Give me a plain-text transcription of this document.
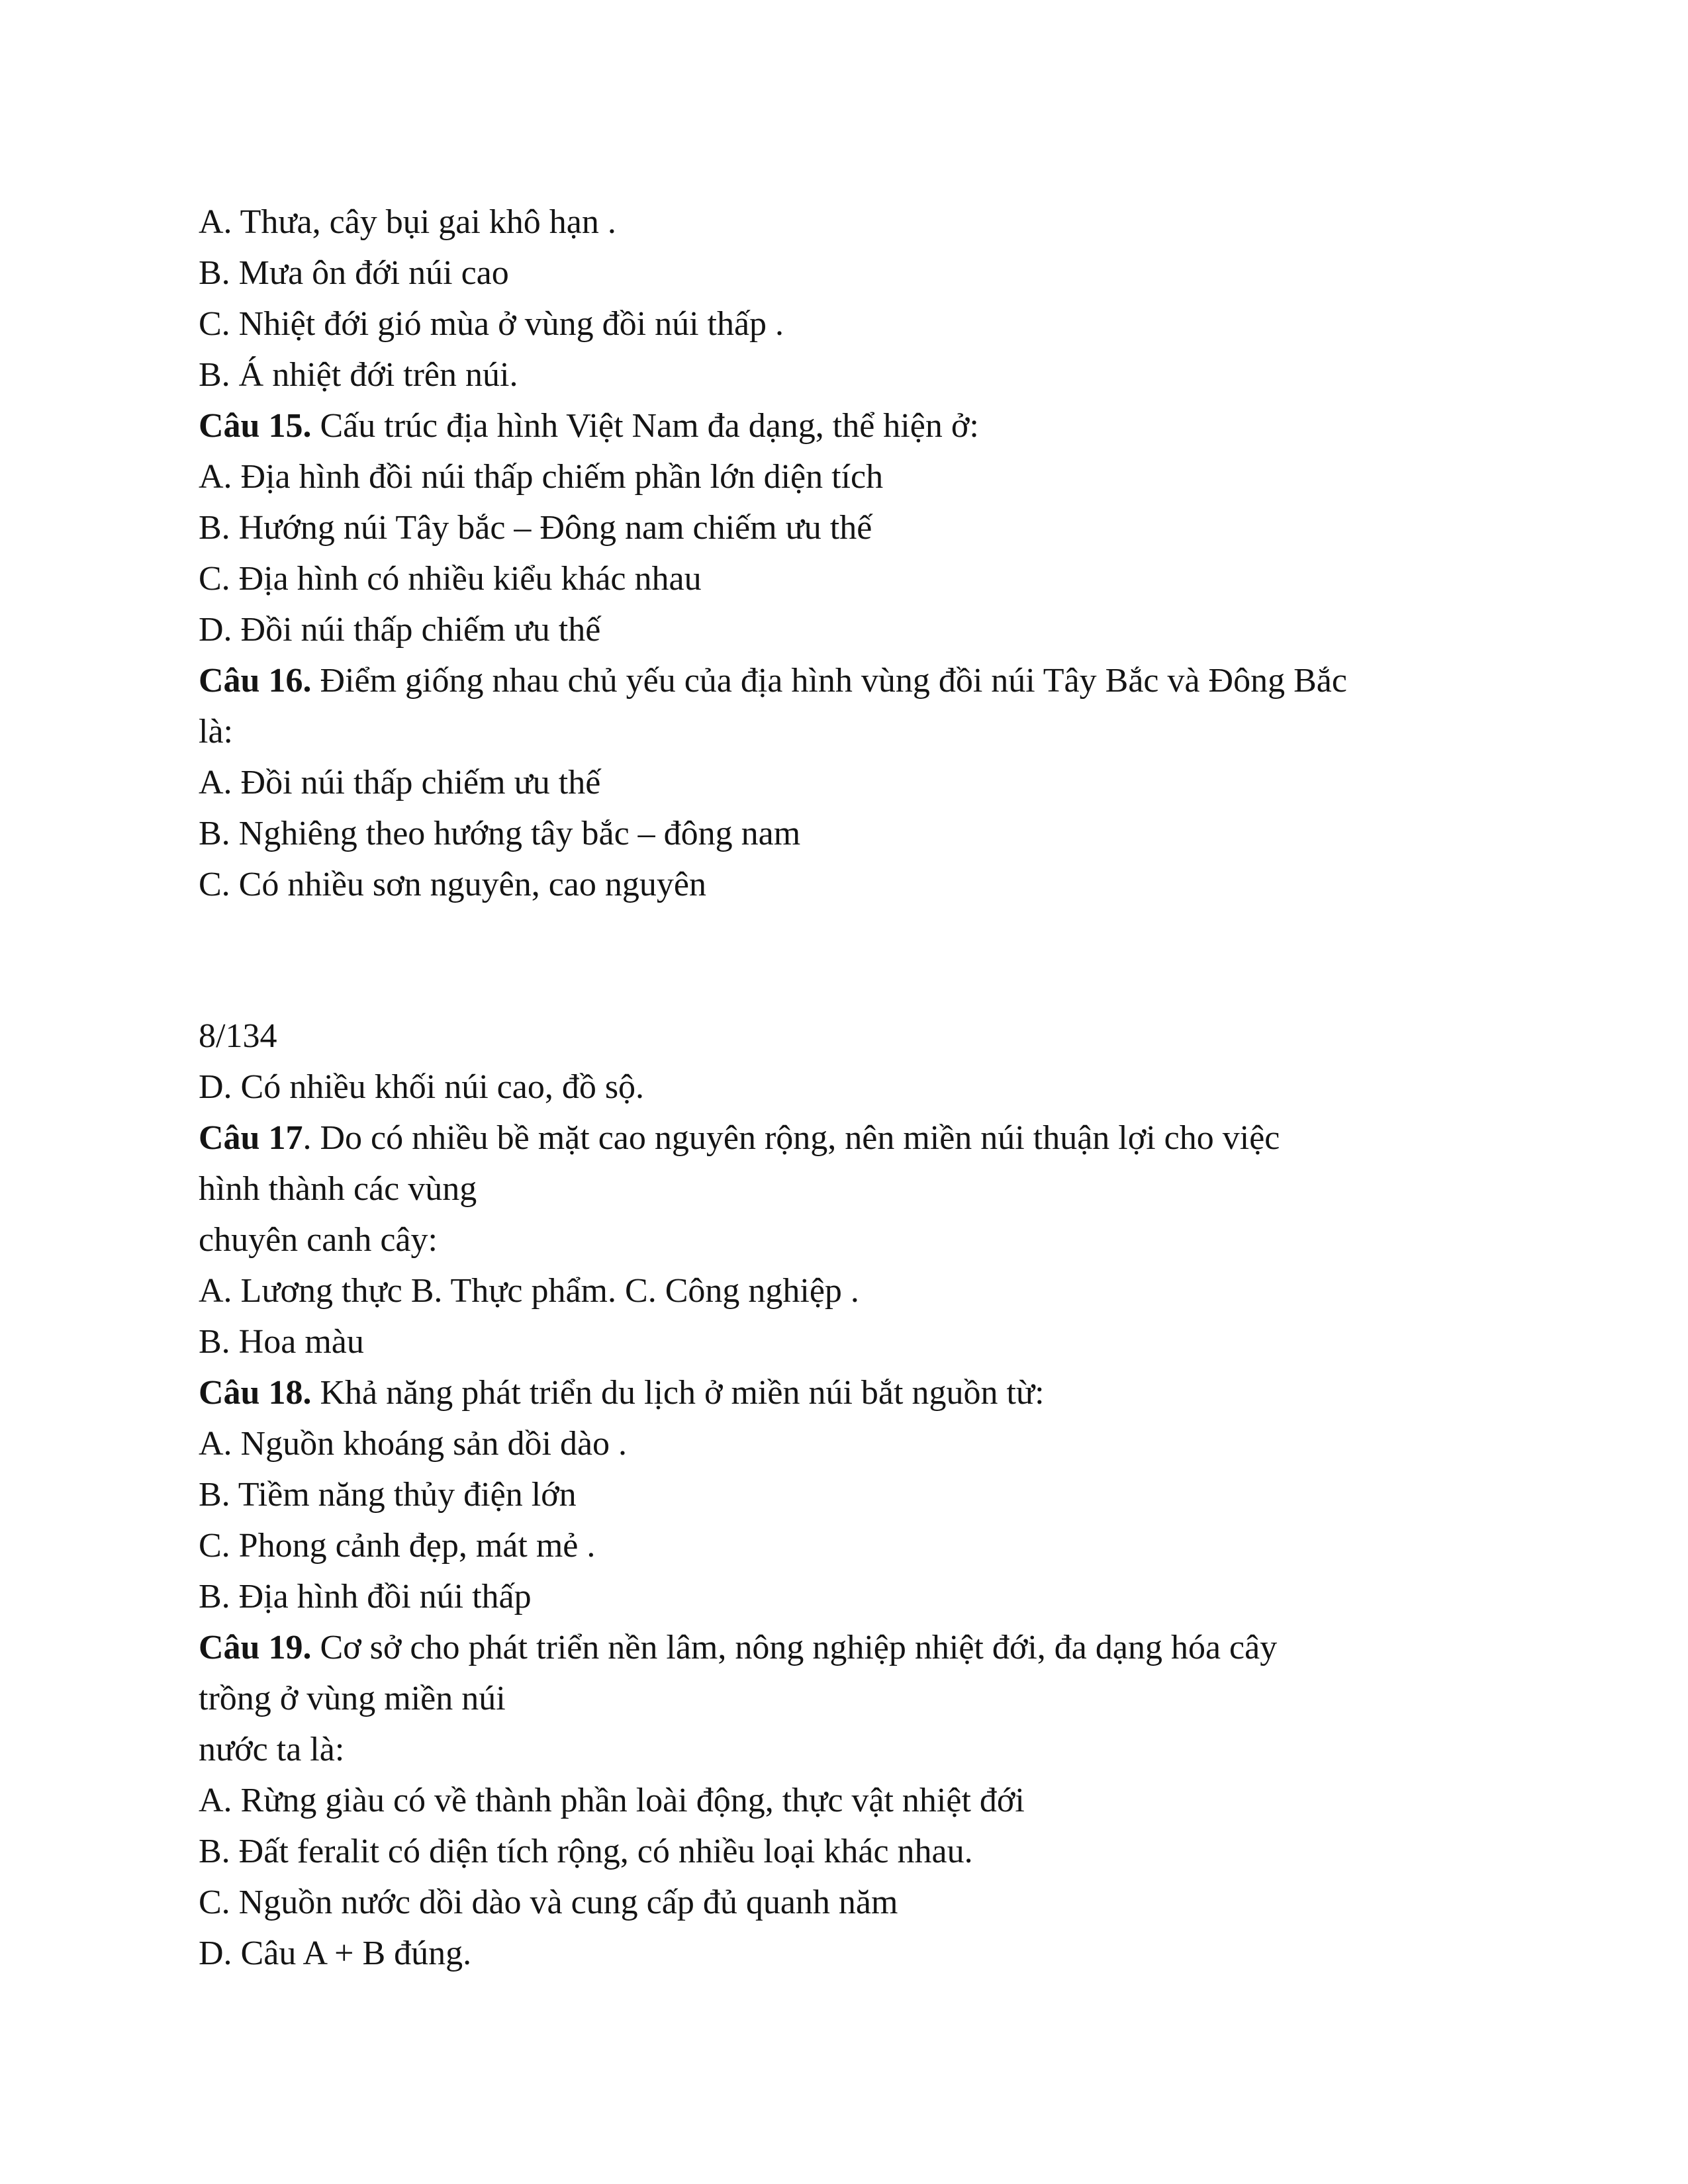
A. Thưa, cây bụi gai khô hạn .
B. Mưa ôn đới núi cao
C. Nhiệt đới gió mùa ở vùng đồi núi thấp .
B. Á nhiệt đới trên núi.
Câu 15. Cấu trúc địa hình Việt Nam đa dạng, thể hiện ở:
A. Địa hình đồi núi thấp chiếm phần lớn diện tích
B. Hướng núi Tây bắc – Đông nam chiếm ưu thế
C. Địa hình có nhiều kiểu khác nhau
D. Đồi núi thấp chiếm ưu thế
Câu 16. Điểm giống nhau chủ yếu của địa hình vùng đồi núi Tây Bắc và Đông Bắc
là:
A. Đồi núi thấp chiếm ưu thế
B. Nghiêng theo hướng tây bắc – đông nam
C. Có nhiều sơn nguyên, cao nguyên
8/134
D. Có nhiều khối núi cao, đồ sộ.
Câu 17. Do có nhiều bề mặt cao nguyên rộng, nên miền núi thuận lợi cho việc
hình thành các vùng
chuyên canh cây:
A. Lương thực B. Thực phẩm. C. Công nghiệp .
B. Hoa màu
Câu 18. Khả năng phát triển du lịch ở miền núi bắt nguồn từ:
A. Nguồn khoáng sản dồi dào .
B. Tiềm năng thủy điện lớn
C. Phong cảnh đẹp, mát mẻ .
B. Địa hình đồi núi thấp
Câu 19. Cơ sở cho phát triển nền lâm, nông nghiệp nhiệt đới, đa dạng hóa cây
trồng ở vùng miền núi
nước ta là:
A. Rừng giàu có về thành phần loài động, thực vật nhiệt đới
B. Đất feralit có diện tích rộng, có nhiều loại khác nhau.
C. Nguồn nước dồi dào và cung cấp đủ quanh năm
D. Câu A + B đúng.
